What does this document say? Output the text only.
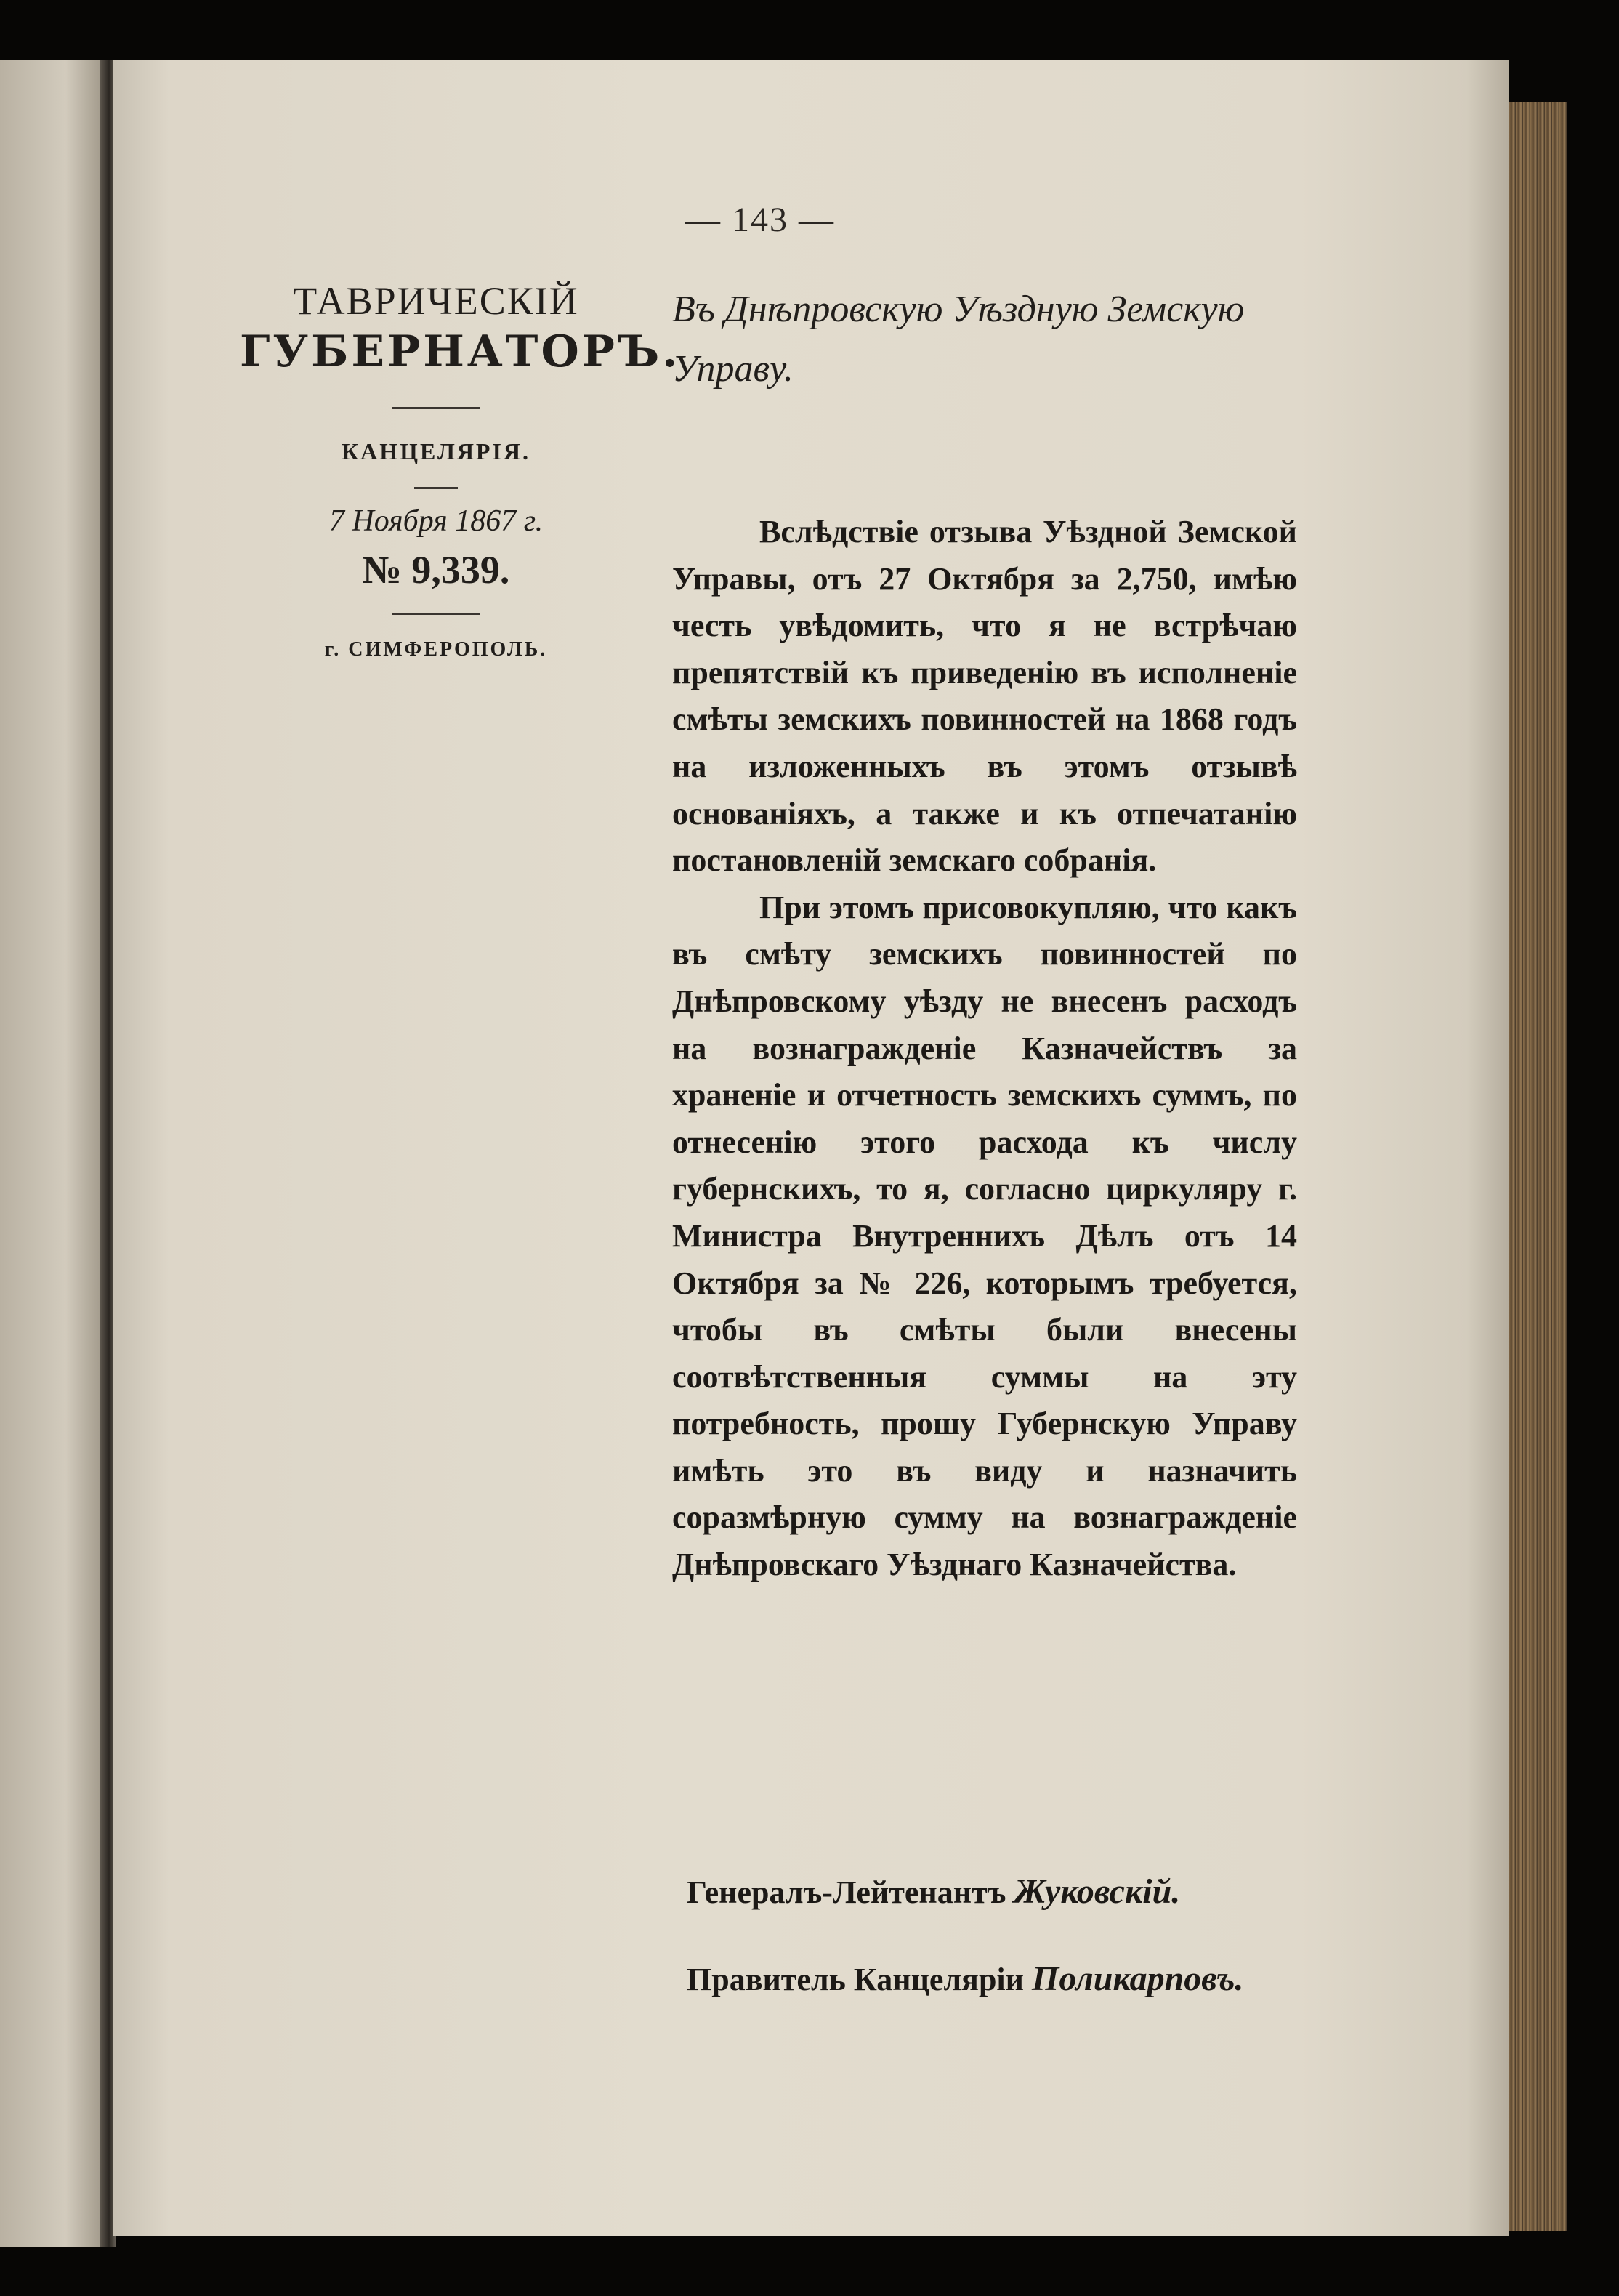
— 143 —
ТАВРИЧЕСКІЙ
ГУБЕРНАТОРЪ.
КАНЦЕЛЯРІЯ.
7 Ноября 1867 г.
№ 9,339.
г. СИМФЕРОПОЛЬ.
Въ Днѣпровскую Уѣздную Земскую Управу.

Вслѣдствіе отзыва Уѣздной Земской Управы, отъ 27 Октября за 2,750, имѣю честь увѣдомить, что я не встрѣчаю препятствій къ приведенію въ исполненіе смѣты земскихъ повинностей на 1868 годъ на изложенныхъ въ этомъ отзывѣ основаніяхъ, а также и къ отпечатанію постановленій земскаго собранія.

При этомъ присовокупляю, что какъ въ смѣту земскихъ повинностей по Днѣпровскому уѣзду не внесенъ расходъ на вознагражденіе Казначействъ за храненіе и отчетность земскихъ суммъ, по отнесенію этого расхода къ числу губернскихъ, то я, согласно циркуляру г. Министра Внутреннихъ Дѣлъ отъ 14 Октября за № 226, которымъ требуется, чтобы въ смѣты были внесены соотвѣтственныя суммы на эту потребность, прошу Губернскую Управу имѣть это въ виду и назначить соразмѣрную сумму на вознагражденіе Днѣпровскаго Уѣзднаго Казначейства.

Генералъ-Лейтенантъ Жуковскій.
Правитель Канцеляріи Поликарповъ.
